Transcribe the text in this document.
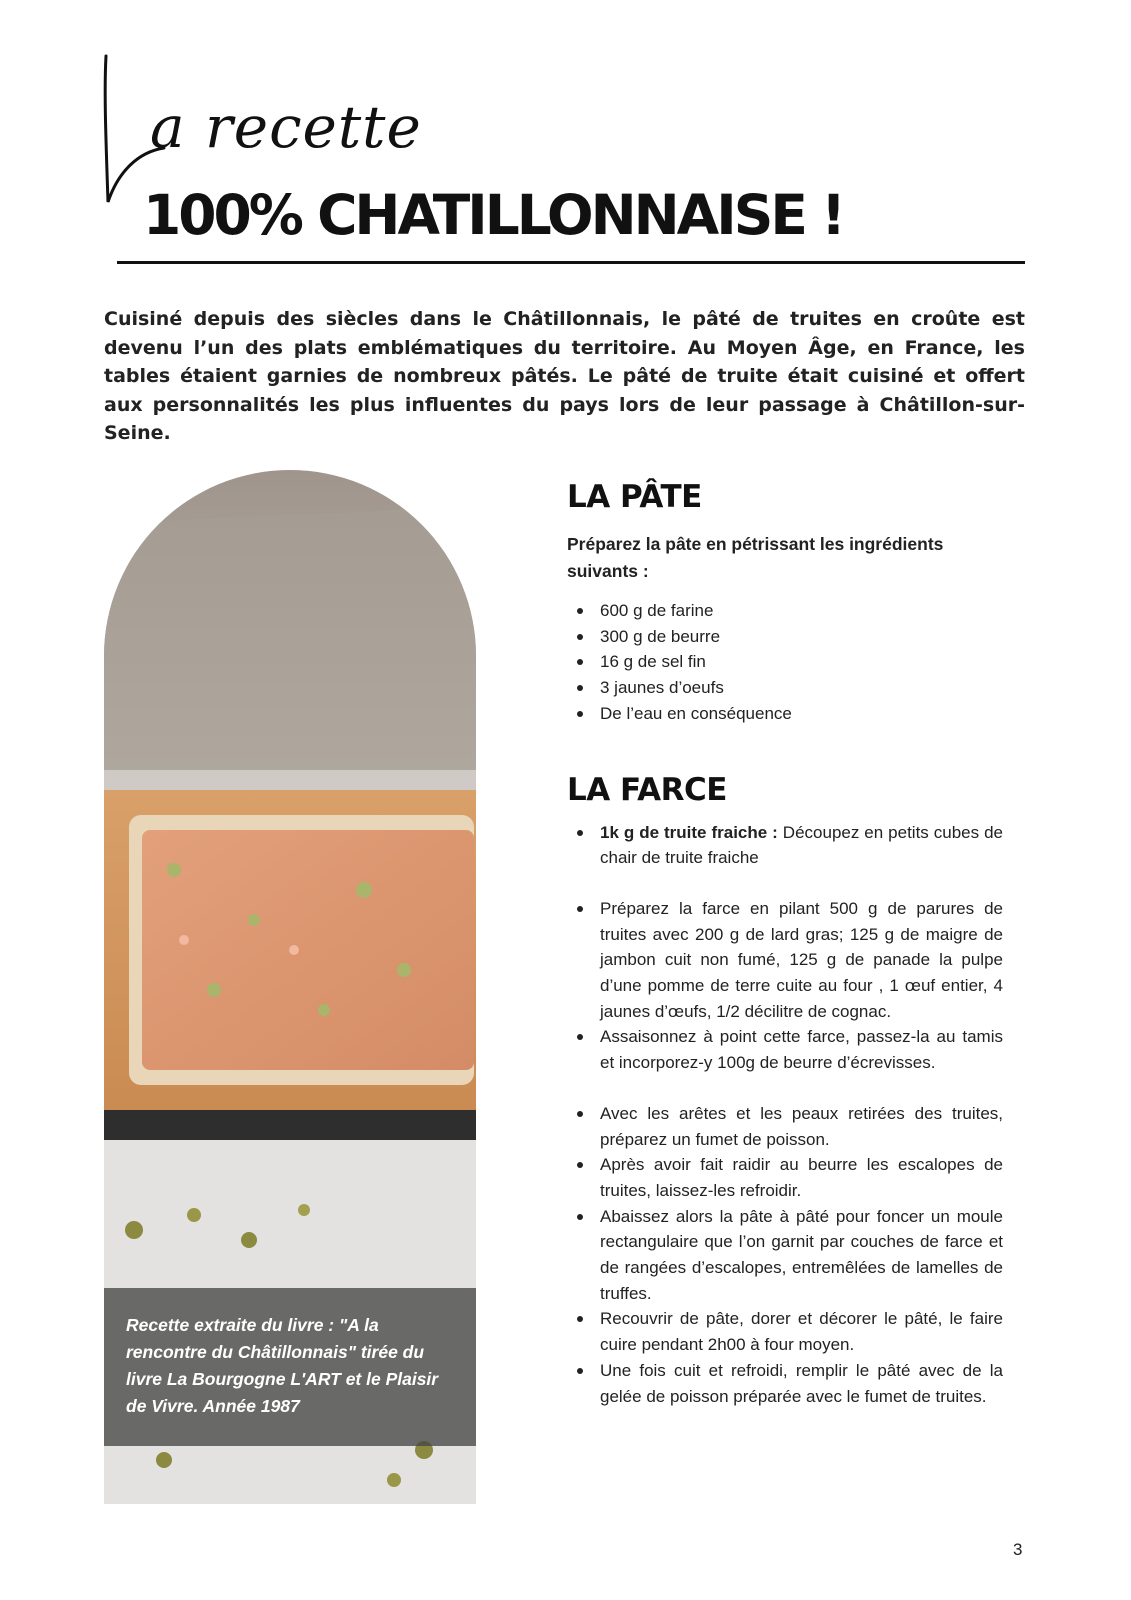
a recette
100% CHATILLONNAISE !

Cuisiné depuis des siècles dans le Châtillonnais, le pâté de truites en croûte est devenu l’un des plats emblématiques du territoire. Au Moyen Âge, en France, les tables étaient garnies de nombreux pâtés. Le pâté de truite était cuisiné et offert aux personnalités les plus influentes du pays lors de leur passage à Châtillon-sur-Seine.

Recette extraite du livre : "A la rencontre du Châtillonnais" tirée du livre La Bourgogne L'ART et le Plaisir de Vivre. Année 1987
LA PÂTE

Préparez la pâte en pétrissant les ingrédients suivants :

600 g de farine
300 g de beurre
16 g de sel fin
3 jaunes d’oeufs
De l’eau en conséquence
LA FARCE
1k g de truite fraiche : Découpez en petits cubes de chair de truite fraiche
Préparez la farce en pilant 500 g de parures de truites avec 200 g de lard gras; 125 g de maigre de jambon cuit non fumé, 125 g de panade la pulpe d’une pomme de terre cuite au four , 1 œuf entier, 4 jaunes d’œufs, 1/2 décilitre de cognac.
Assaisonnez à point cette farce, passez-la au tamis et incorporez-y 100g de beurre d’écrevisses.
Avec les arêtes et les peaux retirées des truites, préparez un fumet de poisson.
Après avoir fait raidir au beurre les escalopes de truites, laissez-les refroidir.
Abaissez alors la pâte à pâté pour foncer un moule rectangulaire que l’on garnit par couches de farce et de rangées d’escalopes, entremêlées de lamelles de truffes.
Recouvrir de pâte, dorer et décorer le pâté, le faire cuire pendant 2h00 à four moyen.
Une fois cuit et refroidi, remplir le pâté avec de la gelée de poisson préparée avec le fumet de truites.
3
